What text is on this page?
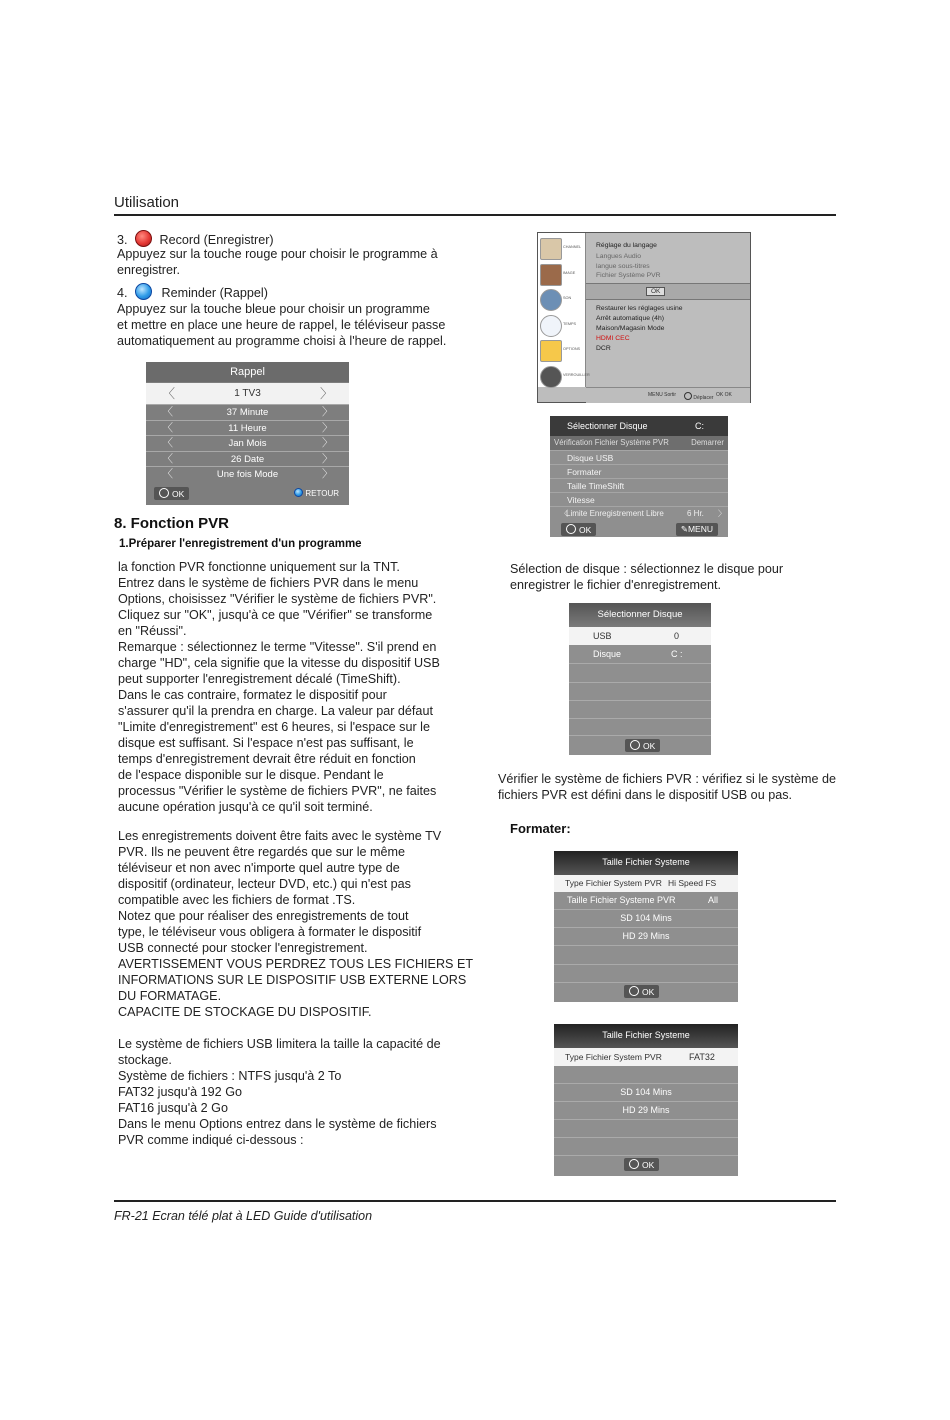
Utilisation
3.	Record (Enregistrer)
Appuyez sur la touche rouge pour choisir le programme à
enregistrer.
4.	Reminder (Rappel)
Appuyez sur la touche bleue pour choisir un programme
et mettre en place une heure de rappel, le téléviseur passe
automatiquement au programme choisi à l'heure de rappel.
Rappel
〈	1 TV3	〉
〈	37 Minute	〉
〈	11 Heure	〉
〈	Jan Mois	〉
〈	26 Date	〉
〈	Une fois Mode	〉
OK	RETOUR
8. Fonction PVR
1.Préparer l'enregistrement d'un programme
la fonction PVR fonctionne uniquement sur la TNT.
Entrez dans le système de fichiers PVR dans le menu
Options, choisissez "Vérifier le système de fichiers PVR".
Cliquez sur "OK", jusqu'à ce que "Vérifier" se transforme
en "Réussi".
Remarque : sélectionnez le terme "Vitesse". S'il prend en
charge "HD", cela signifie que la vitesse du dispositif USB
peut supporter l'enregistrement décalé (TimeShift).
Dans le cas contraire, formatez le dispositif pour
s'assurer qu'il la prendra en charge. La valeur par défaut
"Limite d'enregistrement" est 6 heures, si l'espace sur le
disque est suffisant. Si l'espace n'est pas suffisant, le
temps d'enregistrement devrait être réduit en fonction
de l'espace disponible sur le disque. Pendant le
processus "Vérifier le système de fichiers PVR", ne faites
aucune opération jusqu'à ce qu'il soit terminé.
Les enregistrements doivent être faits avec le système TV
PVR. Ils ne peuvent être regardés que sur le même
téléviseur et non avec n'importe quel autre type de
dispositif (ordinateur, lecteur DVD, etc.) qui n'est pas
compatible avec les fichiers de format .TS.
Notez que pour réaliser des enregistrements de tout
type, le téléviseur vous obligera à formater le dispositif
USB connecté pour stocker l'enregistrement.
AVERTISSEMENT VOUS PERDREZ TOUS LES FICHIERS ET
INFORMATIONS SUR LE DISPOSITIF USB EXTERNE LORS
DU FORMATAGE.
CAPACITE DE STOCKAGE DU DISPOSITIF.
Le système de fichiers USB limitera la taille la capacité de
stockage.
Système de fichiers : NTFS jusqu'à 2 To
FAT32 jusqu'à 192 Go
FAT16 jusqu'à 2 Go
Dans le menu Options entrez dans le système de fichiers
PVR comme indiqué ci-dessous :
CHANNEL
IMAGE
SON
TEMPS
OPTIONS
VERROUILLER
Réglage du langage
Langues Audio
langue sous-titres
Fichier Système PVR
OK
Restaurer les réglages usine
Arrêt automatique (4h)
Maison/Magasin Mode
HDMI CEC
DCR
MENU Sortir	Déplacer OK OK
Sélectionner Disque	C:
Vérification Fichier Système PVR	Demarrer
Disque USB
Formater
Taille TimeShift
Vitesse
〈
Limite Enregistrement Libre	6 Hr. 〉
OK	✎MENU
Sélection de disque : sélectionnez le disque pour
enregistrer le fichier d'enregistrement.
Sélectionner Disque
USB	0
Disque	C :
OK
Vérifier le système de fichiers PVR : vérifiez si le système de
fichiers PVR est défini dans le dispositif USB ou pas.
Formater:
Taille Fichier Systeme
Type Fichier System PVR Hi Speed FS
Taille Fichier Systeme PVR	All
SD 104 Mins
HD 29 Mins
OK
Taille Fichier Systeme
Type Fichier System PVR	FAT32
SD 104 Mins
HD 29 Mins
OK
FR-21 Ecran télé plat à LED Guide d'utilisation
